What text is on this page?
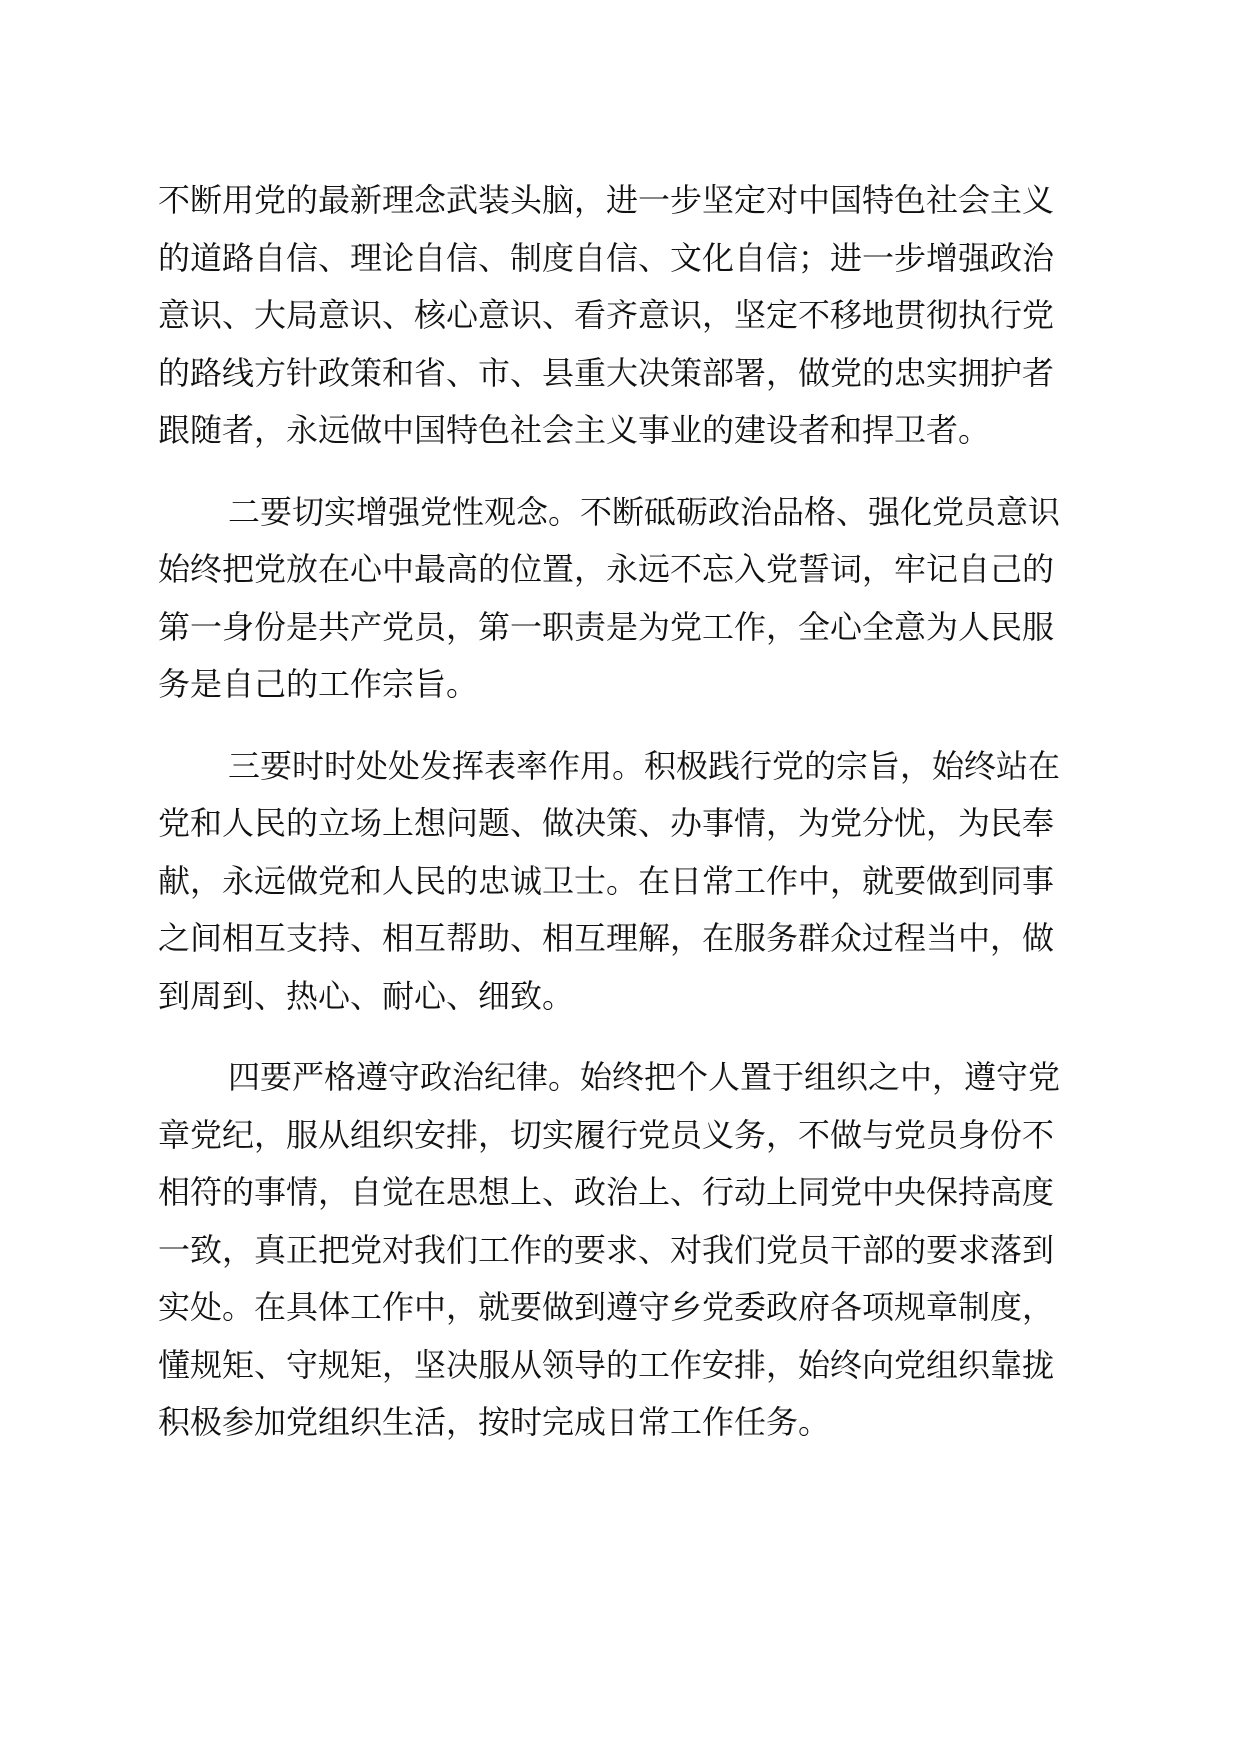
不断用党的最新理念武装头脑，进一步坚定对中国特色社会主义
的道路自信、理论自信、制度自信、文化自信；进一步增强政治
意识、大局意识、核心意识、看齐意识，坚定不移地贯彻执行党
的路线方针政策和省、市、县重大决策部署，做党的忠实拥护者
跟随者，永远做中国特色社会主义事业的建设者和捍卫者。
二要切实增强党性观念。不断砥砺政治品格、强化党员意识
始终把党放在心中最高的位置，永远不忘入党誓词，牢记自己的
第一身份是共产党员，第一职责是为党工作，全心全意为人民服
务是自己的工作宗旨。
三要时时处处发挥表率作用。积极践行党的宗旨，始终站在
党和人民的立场上想问题、做决策、办事情，为党分忧，为民奉
献，永远做党和人民的忠诚卫士。在日常工作中，就要做到同事
之间相互支持、相互帮助、相互理解，在服务群众过程当中，做
到周到、热心、耐心、细致。
四要严格遵守政治纪律。始终把个人置于组织之中，遵守党
章党纪，服从组织安排，切实履行党员义务，不做与党员身份不
相符的事情，自觉在思想上、政治上、行动上同党中央保持高度
一致，真正把党对我们工作的要求、对我们党员干部的要求落到
实处。在具体工作中，就要做到遵守乡党委政府各项规章制度，
懂规矩、守规矩，坚决服从领导的工作安排，始终向党组织靠拢
积极参加党组织生活，按时完成日常工作任务。
